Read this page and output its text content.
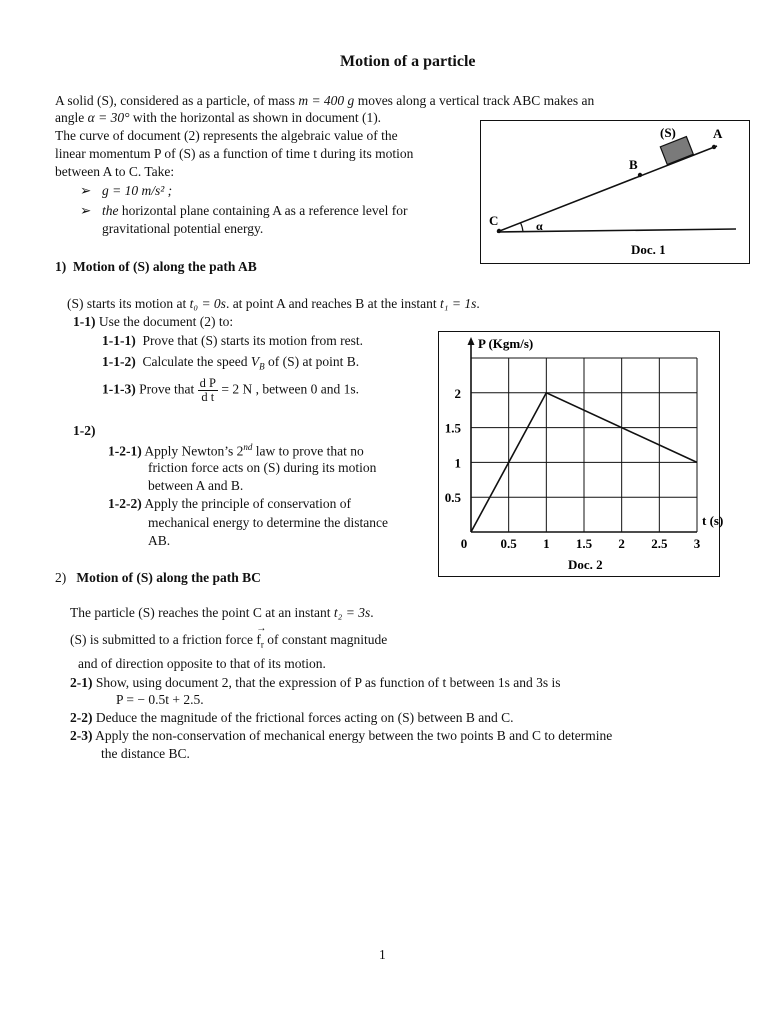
Motion of a particle
A solid (S), considered as a particle, of mass m = 400 g moves along a vertical track ABC makes an
angle α = 30° with the horizontal as shown in document (1).
The curve of document (2) represents the algebraic value of the
linear momentum P of (S) as a function of time t during its motion
between A to C. Take:
➢ g = 10 m/s² ;
➢ the horizontal plane containing A as a reference level for
gravitational potential energy.
(S)	A
B
C	α
Doc. 1
1) Motion of (S) along the path AB
(S) starts its motion at t₀ = 0s. at point A and reaches B at the instant t₁ = 1s.
1-1) Use the document (2) to:
1-1-1) Prove that (S) starts its motion from rest.
1-1-2) Calculate the speed $V_B$ of (S) at point B.
1-1-3) Prove that $\frac{\text{d P}}{\text{d t}} = 2$ N , between 0 and 1s.
1-2)
1-2-1) Apply Newton’s 2nd law to prove that no
friction force acts on (S) during its motion
between A and B.
1-2-2) Apply the principle of conservation of
mechanical energy to determine the distance
AB.	0	0.5 1 1.5 2 2.5 3
0.5
1
1.5
2
P (Kgm/s)
t (s)
Doc. 2
2) Motion of (S) along the path BC
The particle (S) reaches the point C at an instant t₂ = 3s.
(S) is submitted to a friction force
→
$f_r$ of constant magnitude
and of direction opposite to that of its motion.
2-1) Show, using document 2, that the expression of P as function of t between 1s and 3s is
P = − 0.5t + 2.5.
2-2) Deduce the magnitude of the frictional forces acting on (S) between B and C.
2-3) Apply the non-conservation of mechanical energy between the two points B and C to determine
the distance BC.
1
